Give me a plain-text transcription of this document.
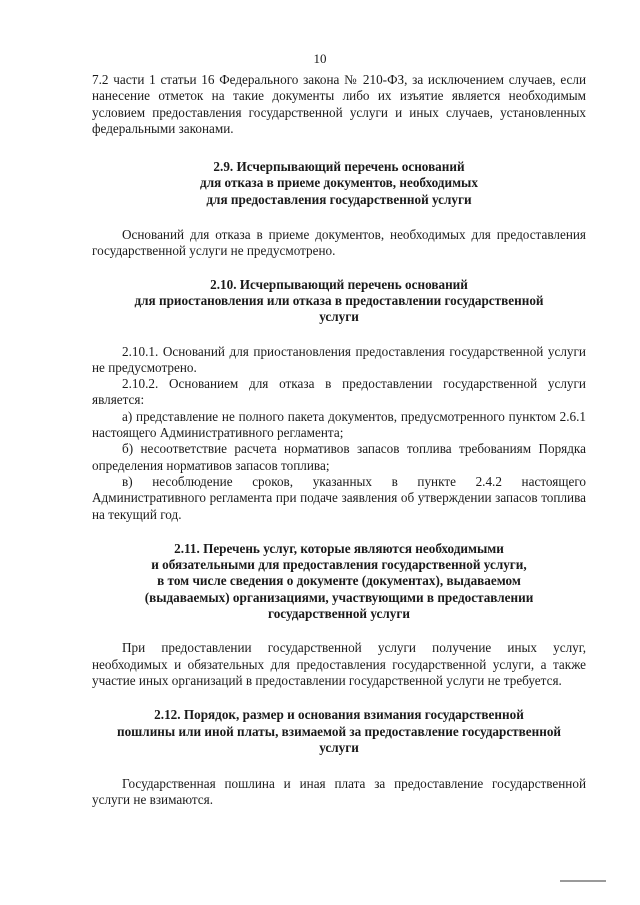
10

7.2 части 1 статьи 16 Федерального закона № 210-ФЗ, за исключением случаев, если нанесение отметок на такие документы либо их изъятие является необходимым условием предоставления государственной услуги и иных случаев, установленных федеральными законами.

2.9. Исчерпывающий перечень оснований
для отказа в приеме документов, необходимых
для предоставления государственной услуги

Оснований для отказа в приеме документов, необходимых для предоставления государственной услуги не предусмотрено.

2.10. Исчерпывающий перечень оснований
для приостановления или отказа в предоставлении государственной
услуги

2.10.1. Оснований для приостановления предоставления государственной услуги не предусмотрено.

2.10.2. Основанием для отказа в предоставлении государственной услуги является:

а) представление не полного пакета документов, предусмотренного пунктом 2.6.1 настоящего Административного регламента;

б) несоответствие расчета нормативов запасов топлива требованиям Порядка определения нормативов запасов топлива;

в) несоблюдение сроков, указанных в пункте 2.4.2 настоящего Административного регламента при подаче заявления об утверждении запасов топлива на текущий год.

2.11. Перечень услуг, которые являются необходимыми
и обязательными для предоставления государственной услуги,
в том числе сведения о документе (документах), выдаваемом
(выдаваемых) организациями, участвующими в предоставлении
государственной услуги

При предоставлении государственной услуги получение иных услуг, необходимых и обязательных для предоставления государственной услуги, а также участие иных организаций в предоставлении государственной услуги не требуется.

2.12. Порядок, размер и основания взимания государственной
пошлины или иной платы, взимаемой за предоставление государственной
услуги

Государственная пошлина и иная плата за предоставление государственной услуги не взимаются.
